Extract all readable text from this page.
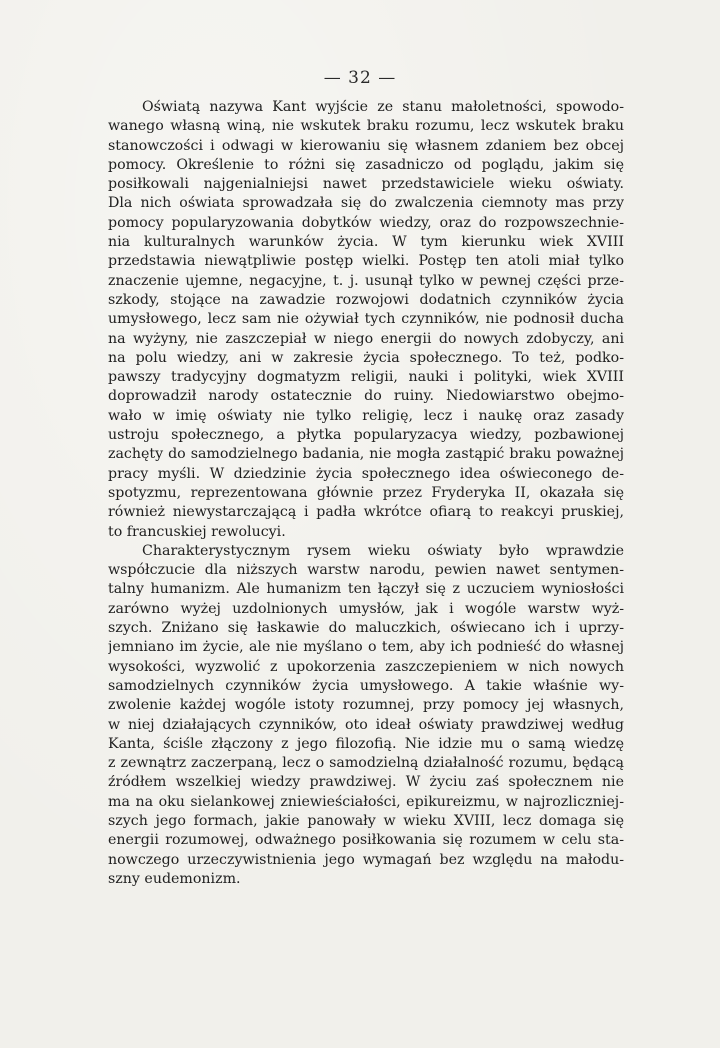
— 32 —
Oświatą nazywa Kant wyjście ze stanu małoletności, spowodo-
wanego własną winą, nie wskutek braku rozumu, lecz wskutek braku
stanowczości i odwagi w kierowaniu się własnem zdaniem bez obcej
pomocy. Określenie to różni się zasadniczo od poglądu, jakim się
posiłkowali najgenialniejsi nawet przedstawiciele wieku oświaty.
Dla nich oświata sprowadzała się do zwalczenia ciemnoty mas przy
pomocy popularyzowania dobytków wiedzy, oraz do rozpowszechnie-
nia kulturalnych warunków życia. W tym kierunku wiek XVIII
przedstawia niewątpliwie postęp wielki. Postęp ten atoli miał tylko
znaczenie ujemne, negacyjne, t. j. usunął tylko w pewnej części prze-
szkody, stojące na zawadzie rozwojowi dodatnich czynników życia
umysłowego, lecz sam nie ożywiał tych czynników, nie podnosił ducha
na wyżyny, nie zaszczepiał w niego energii do nowych zdobyczy, ani
na polu wiedzy, ani w zakresie życia społecznego. To też, podko-
pawszy tradycyjny dogmatyzm religii, nauki i polityki, wiek XVIII
doprowadził narody ostatecznie do ruiny. Niedowiarstwo obejmo-
wało w imię oświaty nie tylko religię, lecz i naukę oraz zasady
ustroju społecznego, a płytka popularyzacya wiedzy, pozbawionej
zachęty do samodzielnego badania, nie mogła zastąpić braku poważnej
pracy myśli. W dziedzinie życia społecznego idea oświeconego de-
spotyzmu, reprezentowana głównie przez Fryderyka II, okazała się
również niewystarczającą i padła wkrótce ofiarą to reakcyi pruskiej,
to francuskiej rewolucyi.
Charakterystycznym rysem wieku oświaty było wprawdzie
współczucie dla niższych warstw narodu, pewien nawet sentymen-
talny humanizm. Ale humanizm ten łączył się z uczuciem wyniosłości
zarówno wyżej uzdolnionych umysłów, jak i wogóle warstw wyż-
szych. Zniżano się łaskawie do maluczkich, oświecano ich i uprzy-
jemniano im życie, ale nie myślano o tem, aby ich podnieść do własnej
wysokości, wyzwolić z upokorzenia zaszczepieniem w nich nowych
samodzielnych czynników życia umysłowego. A takie właśnie wy-
zwolenie każdej wogóle istoty rozumnej, przy pomocy jej własnych,
w niej działających czynników, oto ideał oświaty prawdziwej według
Kanta, ściśle złączony z jego filozofią. Nie idzie mu o samą wiedzę
z zewnątrz zaczerpaną, lecz o samodzielną działalność rozumu, będącą
źródłem wszelkiej wiedzy prawdziwej. W życiu zaś społecznem nie
ma na oku sielankowej zniewieściałości, epikureizmu, w najrozliczniej-
szych jego formach, jakie panowały w wieku XVIII, lecz domaga się
energii rozumowej, odważnego posiłkowania się rozumem w celu sta-
nowczego urzeczywistnienia jego wymagań bez względu na małodu-
szny eudemonizm.
